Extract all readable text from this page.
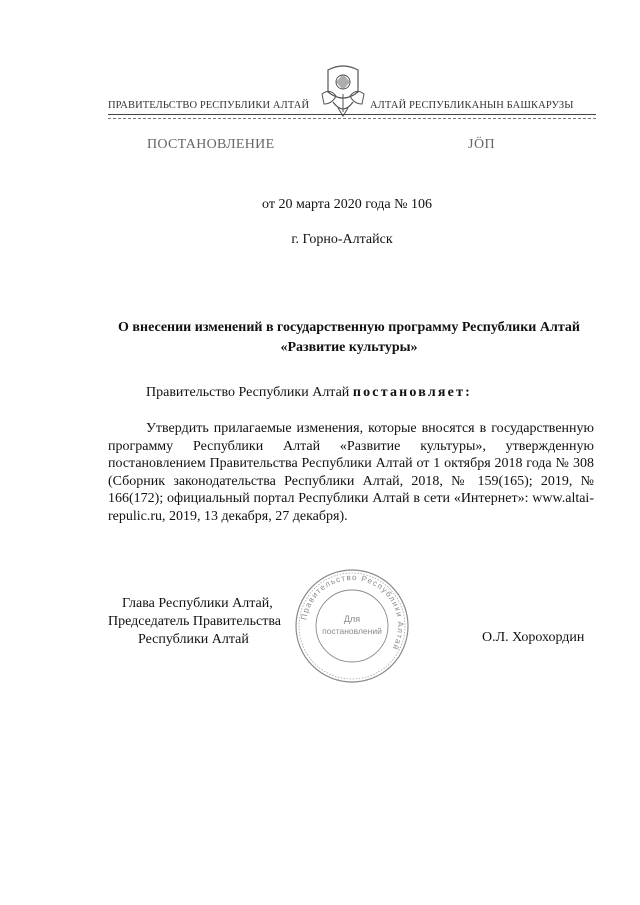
ПРАВИТЕЛЬСТВО РЕСПУБЛИКИ АЛТАЙ	АЛТАЙ РЕСПУБЛИКАНЫН БАШКАРУЗЫ
ПОСТАНОВЛЕНИЕ	ЈӦП
от 20 марта 2020 года № 106
г. Горно-Алтайск
О внесении изменений в государственную программу Республики Алтай «Развитие культуры»
Правительство Республики Алтай постановляет:
Утвердить прилагаемые изменения, которые вносятся в государственную программу Республики Алтай «Развитие культуры», утвержденную постановлением Правительства Республики Алтай от 1 октября 2018 года № 308 (Сборник законодательства Республики Алтай, 2018, № 159(165); 2019, № 166(172); официальный портал Республики Алтай в сети «Интернет»: www.altai-repulic.ru, 2019, 13 декабря, 27 декабря).
Глава Республики Алтай,
Председатель Правительства
Республики Алтай	О.Л. Хорохордин
Правительство Республики Алтай
Для
постановлений
